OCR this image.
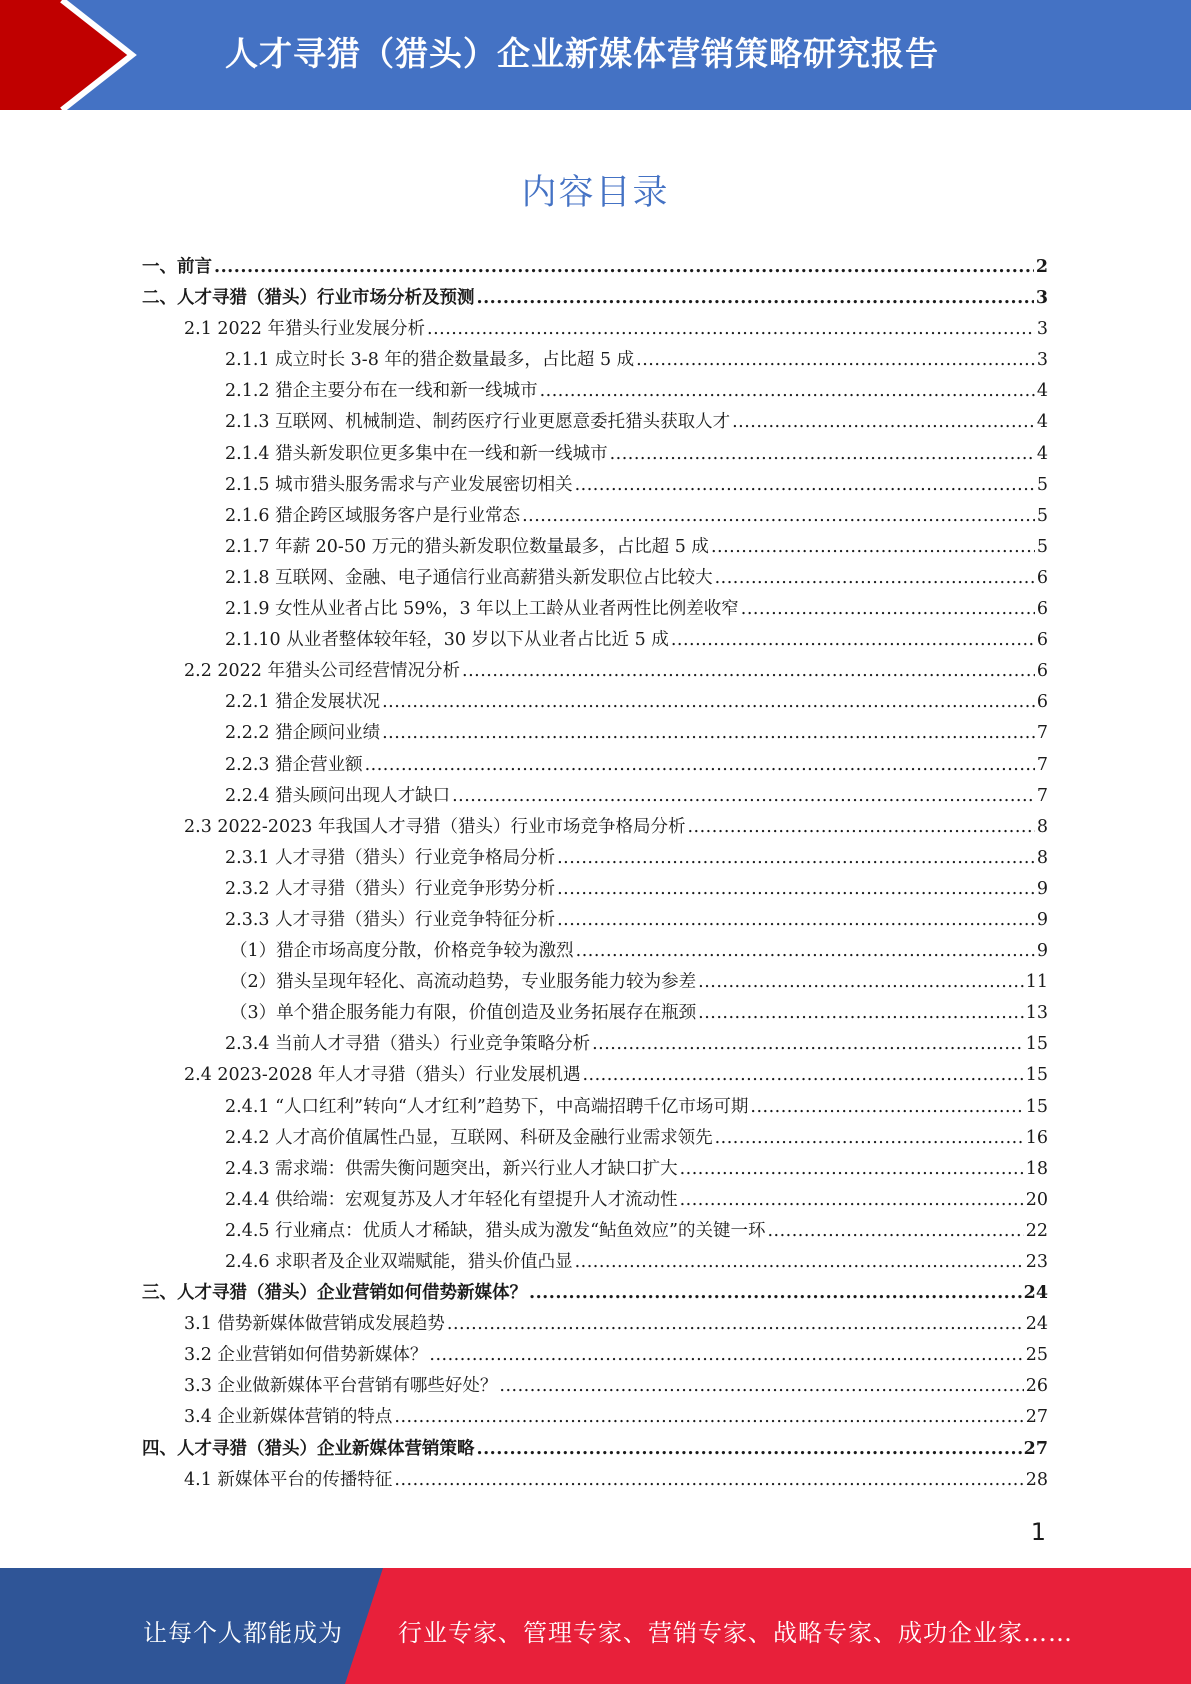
人才寻猎（猎头）企业新媒体营销策略研究报告
内容目录
一、前言 .....	2
二、人才寻猎（猎头）行业市场分析及预测 .....	3
2.1 2022 年猎头行业发展分析 .....	3
2.1.1 成立时长 3-8 年的猎企数量最多，占比超 5 成 .....	3
2.1.2 猎企主要分布在一线和新一线城市 .....	4
2.1.3 互联网、机械制造、制药医疗行业更愿意委托猎头获取人才 .....	4
2.1.4 猎头新发职位更多集中在一线和新一线城市 .....	4
2.1.5 城市猎头服务需求与产业发展密切相关 .....	5
2.1.6 猎企跨区域服务客户是行业常态 .....	5
2.1.7 年薪 20-50 万元的猎头新发职位数量最多，占比超 5 成 .....	5
2.1.8 互联网、金融、电子通信行业高薪猎头新发职位占比较大 .....	6
2.1.9 女性从业者占比 59%，3 年以上工龄从业者两性比例差收窄 .....	6
2.1.10 从业者整体较年轻，30 岁以下从业者占比近 5 成 .....	6
2.2 2022 年猎头公司经营情况分析 .....	6
2.2.1 猎企发展状况 .....	6
2.2.2 猎企顾问业绩 .....	7
2.2.3 猎企营业额 .....	7
2.2.4 猎头顾问出现人才缺口 .....	7
2.3 2022-2023 年我国人才寻猎（猎头）行业市场竞争格局分析 .....	8
2.3.1 人才寻猎（猎头）行业竞争格局分析 .....	8
2.3.2 人才寻猎（猎头）行业竞争形势分析 .....	9
2.3.3 人才寻猎（猎头）行业竞争特征分析 .....	9
（1）猎企市场高度分散，价格竞争较为激烈 .....	9
（2）猎头呈现年轻化、高流动趋势，专业服务能力较为参差 .....	11
（3）单个猎企服务能力有限，价值创造及业务拓展存在瓶颈 .....	13
2.3.4 当前人才寻猎（猎头）行业竞争策略分析 .....	15
2.4 2023-2028 年人才寻猎（猎头）行业发展机遇 .....	15
2.4.1 “人口红利”转向“人才红利”趋势下，中高端招聘千亿市场可期 .....	15
2.4.2 人才高价值属性凸显，互联网、科研及金融行业需求领先 .....	16
2.4.3 需求端：供需失衡问题突出，新兴行业人才缺口扩大 .....	18
2.4.4 供给端：宏观复苏及人才年轻化有望提升人才流动性 .....	20
2.4.5 行业痛点：优质人才稀缺，猎头成为激发“鲇鱼效应”的关键一环 .....	22
2.4.6 求职者及企业双端赋能，猎头价值凸显 .....	23
三、人才寻猎（猎头）企业营销如何借势新媒体？ .....	24
3.1 借势新媒体做营销成发展趋势 .....	24
3.2 企业营销如何借势新媒体？ .....	25
3.3 企业做新媒体平台营销有哪些好处？ .....	26
3.4 企业新媒体营销的特点 .....	27
四、人才寻猎（猎头）企业新媒体营销策略 .....	27
4.1 新媒体平台的传播特征 .....	28
1
让每个人都能成为 行业专家、管理专家、营销专家、战略专家、成功企业家……
